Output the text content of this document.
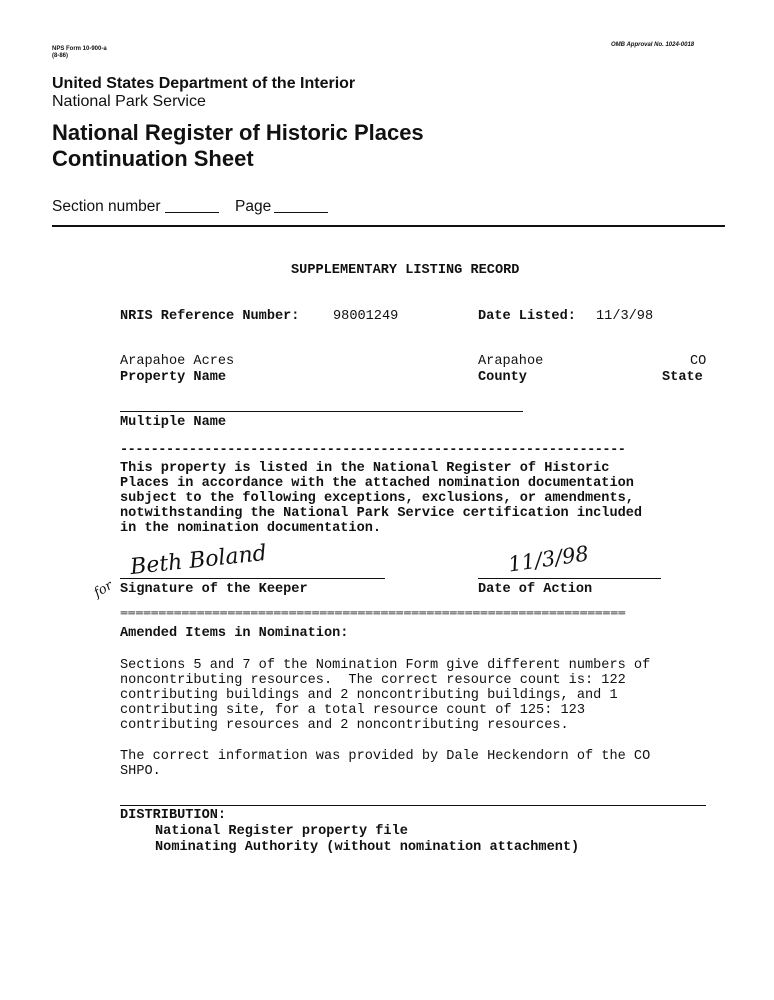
NPS Form 10-900-a
(8-86)
OMB Approval No. 1024-0018
United States Department of the Interior
National Park Service
National Register of Historic Places
Continuation Sheet
Section number	Page
SUPPLEMENTARY LISTING RECORD
NRIS Reference Number: 98001249	Date Listed: 11/3/98
Arapahoe Acres
Property Name
Arapahoe
County
CO
State
Multiple Name
------------------------------------------------------------------
This property is listed in the National Register of Historic
Places in accordance with the attached nomination documentation
subject to the following exceptions, exclusions, or amendments,
notwithstanding the National Park Service certification included
in the nomination documentation.
Beth Boland
for Signature of the Keeper
11/3/98
Date of Action
==================================================================
Amended Items in Nomination:
Sections 5 and 7 of the Nomination Form give different numbers of
noncontributing resources.  The correct resource count is: 122
contributing buildings and 2 noncontributing buildings, and 1
contributing site, for a total resource count of 125: 123
contributing resources and 2 noncontributing resources.
The correct information was provided by Dale Heckendorn of the CO
SHPO.
DISTRIBUTION:
National Register property file
Nominating Authority (without nomination attachment)
